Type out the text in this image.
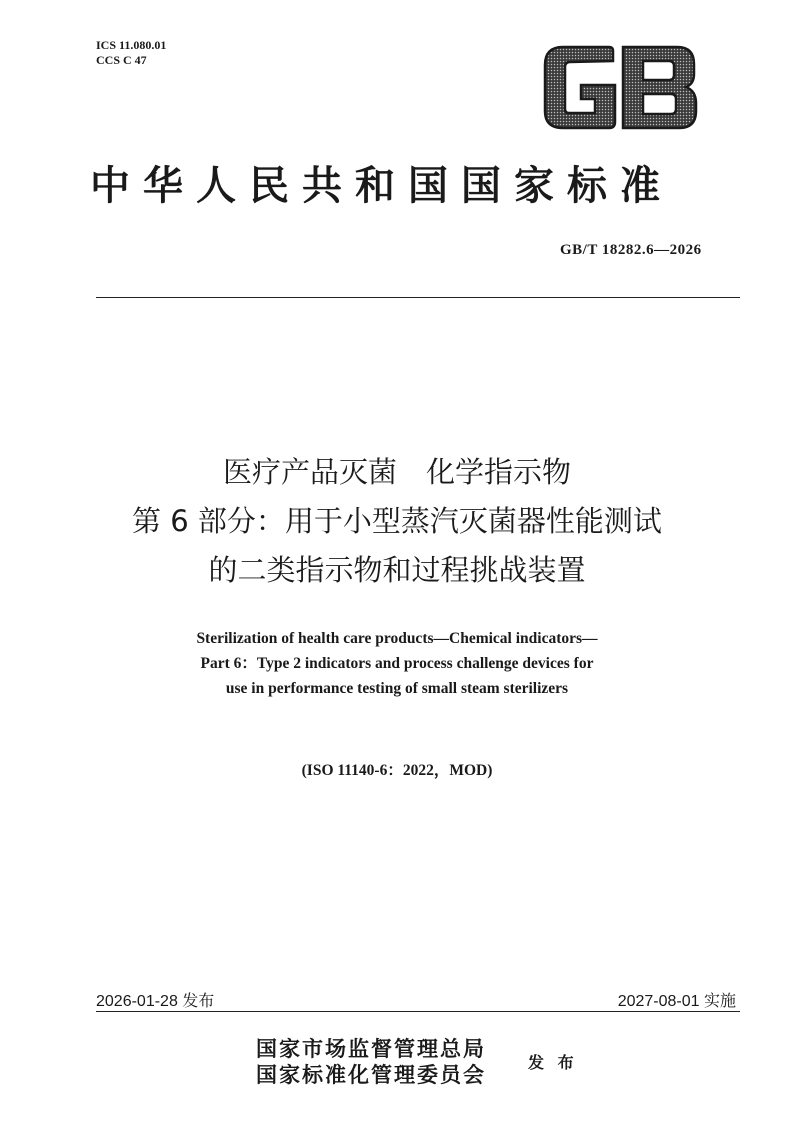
ICS 11.080.01
CCS C 47
中华人民共和国国家标准
GB/T 18282.6—2026
医疗产品灭菌　化学指示物
第 6 部分：用于小型蒸汽灭菌器性能测试
的二类指示物和过程挑战装置
Sterilization of health care products—Chemical indicators—
Part 6：Type 2 indicators and process challenge devices for
use in performance testing of small steam sterilizers
(ISO 11140-6：2022，MOD)
2026-01-28 发布	2027-08-01 实施
国家市场监督管理总局
国家标准化管理委员会	发 布
